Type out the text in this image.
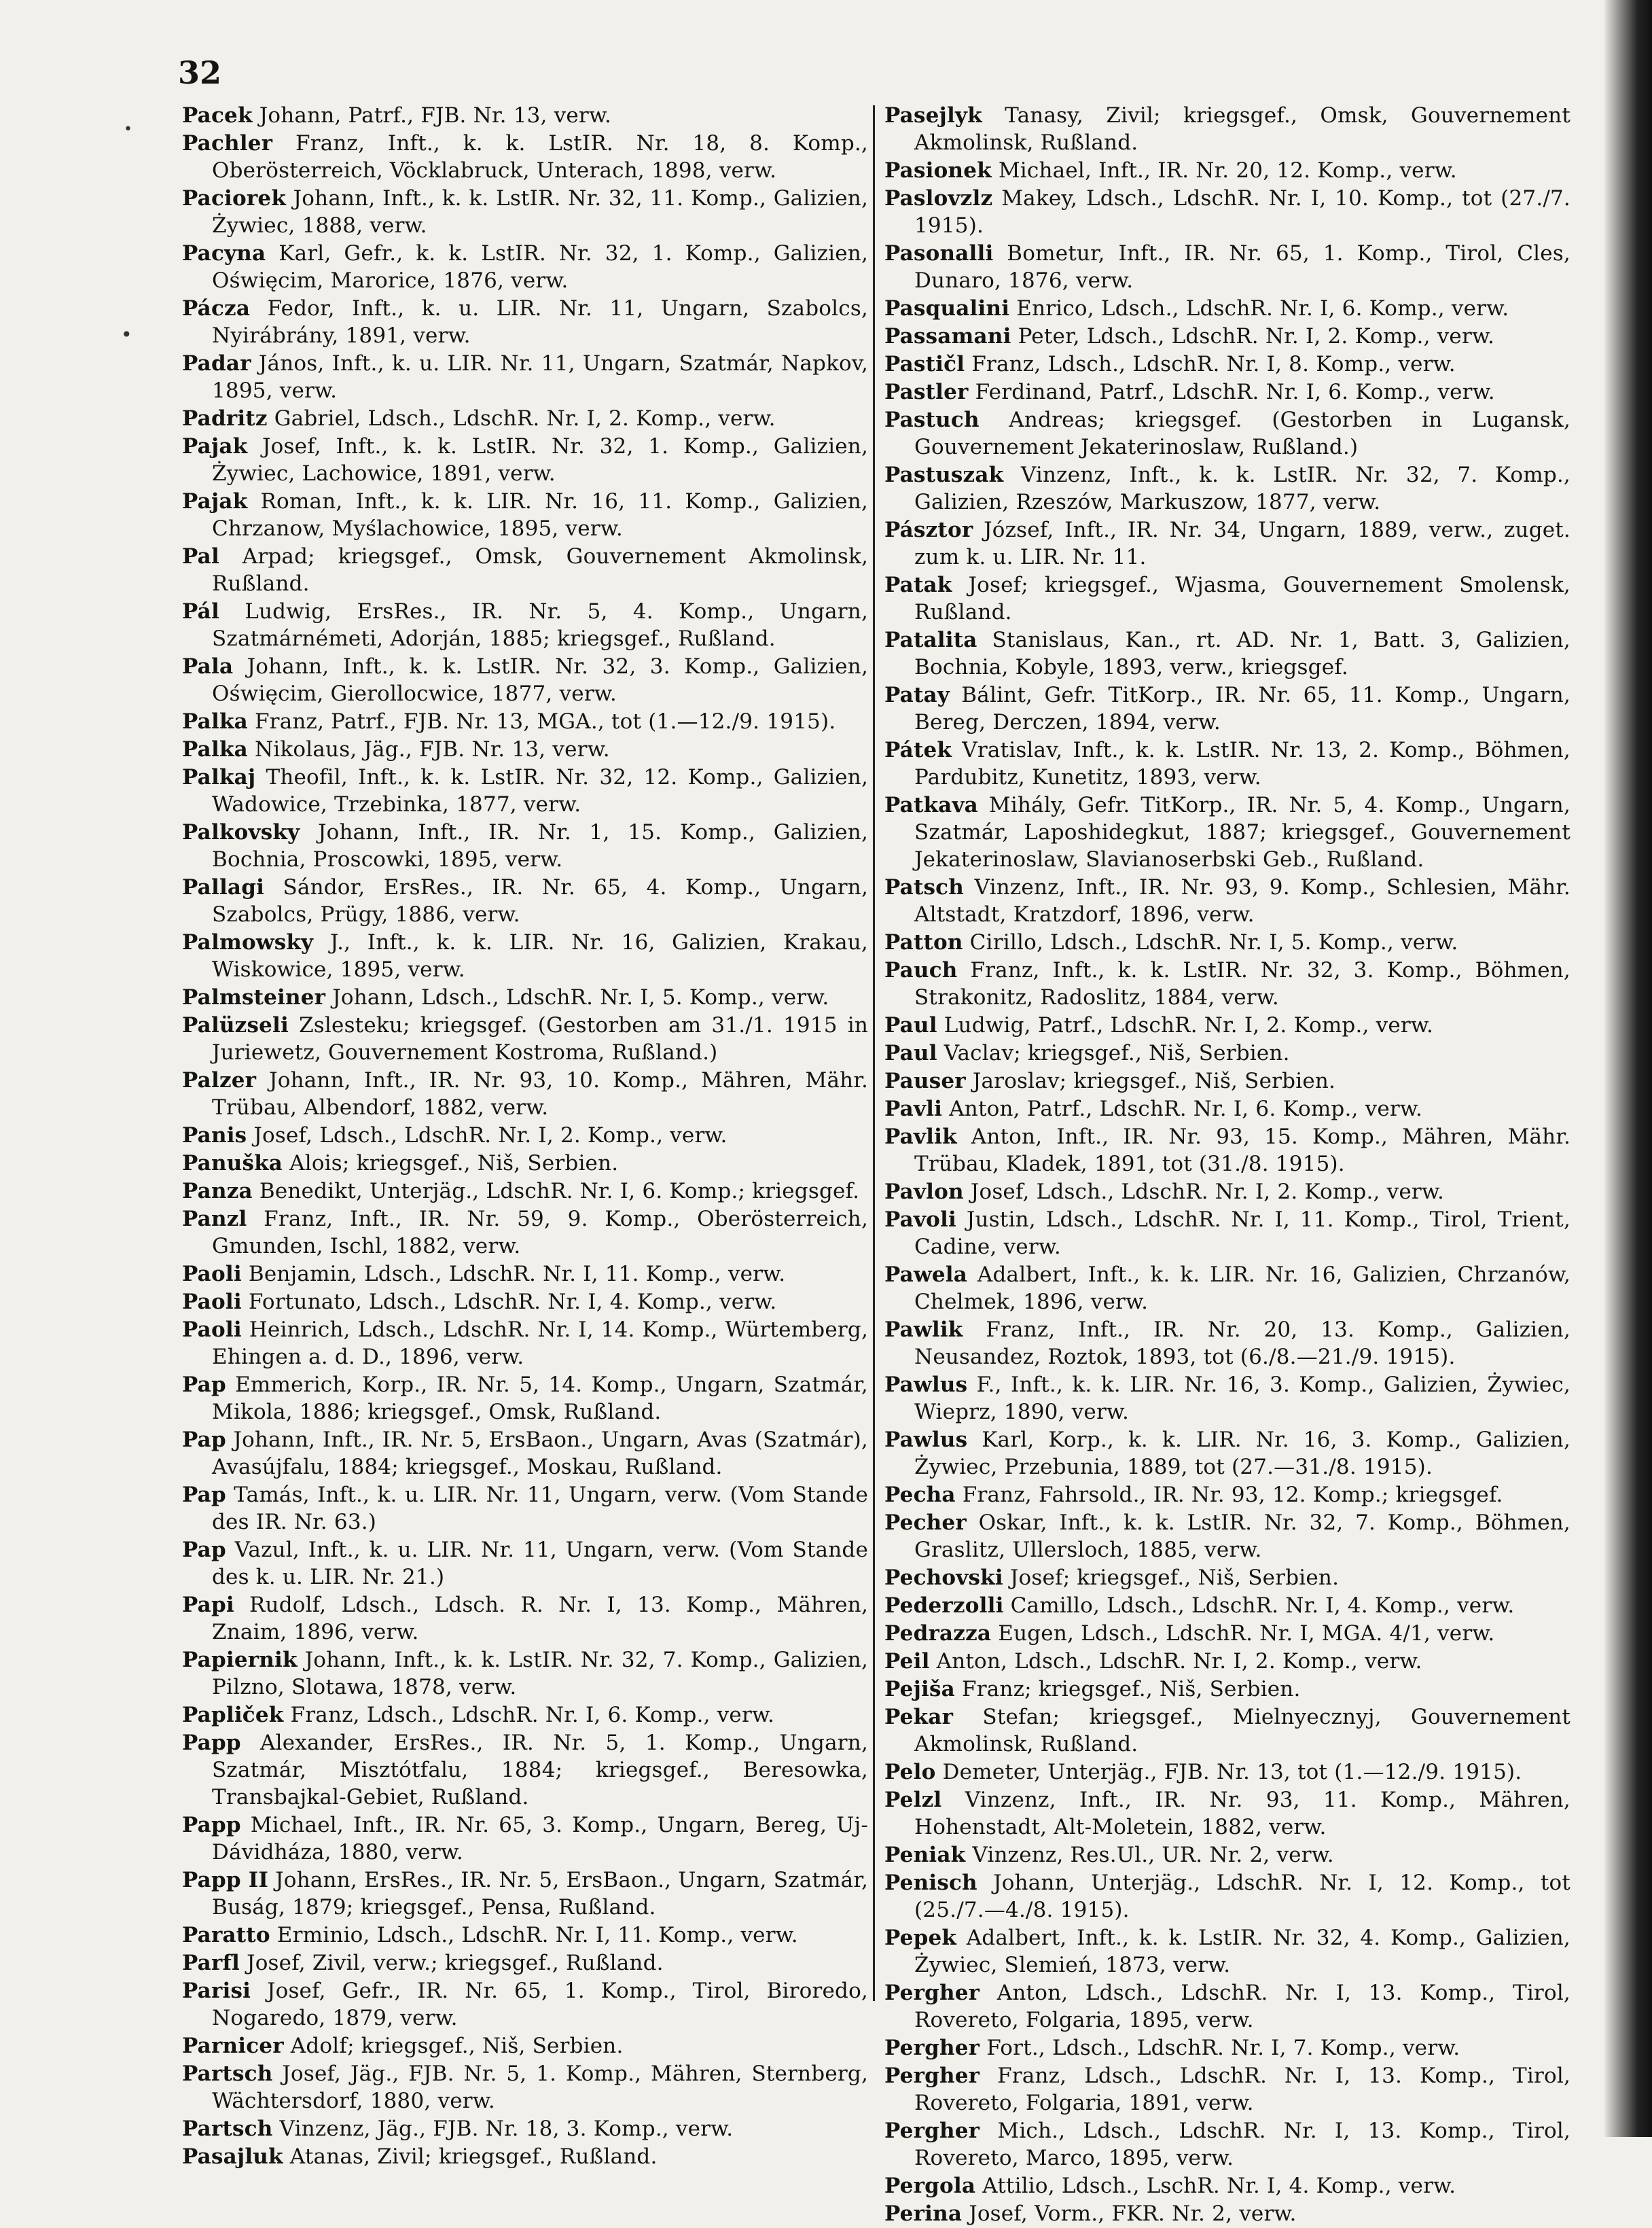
32
•
•
Pacek Johann, Patrf., FJB. Nr. 13, verw.
Pachler Franz, Inft., k. k. LstIR. Nr. 18, 8. Komp., Oberösterreich, Vöcklabruck, Unterach, 1898, verw.
Paciorek Johann, Inft., k. k. LstIR. Nr. 32, 11. Komp., Galizien, Żywiec, 1888, verw.
Pacyna Karl, Gefr., k. k. LstIR. Nr. 32, 1. Komp., Galizien, Oświęcim, Marorice, 1876, verw.
Pácza Fedor, Inft., k. u. LIR. Nr. 11, Ungarn, Szabolcs, Nyirábrány, 1891, verw.
Padar János, Inft., k. u. LIR. Nr. 11, Ungarn, Szatmár, Napkov, 1895, verw.
Padritz Gabriel, Ldsch., LdschR. Nr. I, 2. Komp., verw.
Pajak Josef, Inft., k. k. LstIR. Nr. 32, 1. Komp., Galizien, Żywiec, Lachowice, 1891, verw.
Pajak Roman, Inft., k. k. LIR. Nr. 16, 11. Komp., Galizien, Chrzanow, Myślachowice, 1895, verw.
Pal Arpad; kriegsgef., Omsk, Gouvernement Akmolinsk, Rußland.
Pál Ludwig, ErsRes., IR. Nr. 5, 4. Komp., Ungarn, Szatmárnémeti, Adorján, 1885; kriegsgef., Rußland.
Pala Johann, Inft., k. k. LstIR. Nr. 32, 3. Komp., Galizien, Oświęcim, Gierollocwice, 1877, verw.
Palka Franz, Patrf., FJB. Nr. 13, MGA., tot (1.—12./9. 1915).
Palka Nikolaus, Jäg., FJB. Nr. 13, verw.
Palkaj Theofil, Inft., k. k. LstIR. Nr. 32, 12. Komp., Galizien, Wadowice, Trzebinka, 1877, verw.
Palkovsky Johann, Inft., IR. Nr. 1, 15. Komp., Galizien, Bochnia, Proscowki, 1895, verw.
Pallagi Sándor, ErsRes., IR. Nr. 65, 4. Komp., Ungarn, Szabolcs, Prügy, 1886, verw.
Palmowsky J., Inft., k. k. LIR. Nr. 16, Galizien, Krakau, Wiskowice, 1895, verw.
Palmsteiner Johann, Ldsch., LdschR. Nr. I, 5. Komp., verw.
Palüzseli Zslesteku; kriegsgef. (Gestorben am 31./1. 1915 in Juriewetz, Gouvernement Kostroma, Rußland.)
Palzer Johann, Inft., IR. Nr. 93, 10. Komp., Mähren, Mähr. Trübau, Albendorf, 1882, verw.
Panis Josef, Ldsch., LdschR. Nr. I, 2. Komp., verw.
Panuška Alois; kriegsgef., Niš, Serbien.
Panza Benedikt, Unterjäg., LdschR. Nr. I, 6. Komp.; kriegsgef.
Panzl Franz, Inft., IR. Nr. 59, 9. Komp., Oberösterreich, Gmunden, Ischl, 1882, verw.
Paoli Benjamin, Ldsch., LdschR. Nr. I, 11. Komp., verw.
Paoli Fortunato, Ldsch., LdschR. Nr. I, 4. Komp., verw.
Paoli Heinrich, Ldsch., LdschR. Nr. I, 14. Komp., Würtemberg, Ehingen a. d. D., 1896, verw.
Pap Emmerich, Korp., IR. Nr. 5, 14. Komp., Ungarn, Szatmár, Mikola, 1886; kriegsgef., Omsk, Rußland.
Pap Johann, Inft., IR. Nr. 5, ErsBaon., Ungarn, Avas (Szatmár), Avasújfalu, 1884; kriegsgef., Moskau, Rußland.
Pap Tamás, Inft., k. u. LIR. Nr. 11, Ungarn, verw. (Vom Stande des IR. Nr. 63.)
Pap Vazul, Inft., k. u. LIR. Nr. 11, Ungarn, verw. (Vom Stande des k. u. LIR. Nr. 21.)
Papi Rudolf, Ldsch., Ldsch. R. Nr. I, 13. Komp., Mähren, Znaim, 1896, verw.
Papiernik Johann, Inft., k. k. LstIR. Nr. 32, 7. Komp., Galizien, Pilzno, Slotawa, 1878, verw.
Papliček Franz, Ldsch., LdschR. Nr. I, 6. Komp., verw.
Papp Alexander, ErsRes., IR. Nr. 5, 1. Komp., Ungarn, Szatmár, Misztótfalu, 1884; kriegsgef., Beresowka, Transbajkal-Gebiet, Rußland.
Papp Michael, Inft., IR. Nr. 65, 3. Komp., Ungarn, Bereg, Uj-Dávidháza, 1880, verw.
Papp II Johann, ErsRes., IR. Nr. 5, ErsBaon., Ungarn, Szatmár, Buság, 1879; kriegsgef., Pensa, Rußland.
Paratto Erminio, Ldsch., LdschR. Nr. I, 11. Komp., verw.
Parfl Josef, Zivil, verw.; kriegsgef., Rußland.
Parisi Josef, Gefr., IR. Nr. 65, 1. Komp., Tirol, Biroredo, Nogaredo, 1879, verw.
Parnicer Adolf; kriegsgef., Niš, Serbien.
Partsch Josef, Jäg., FJB. Nr. 5, 1. Komp., Mähren, Sternberg, Wächtersdorf, 1880, verw.
Partsch Vinzenz, Jäg., FJB. Nr. 18, 3. Komp., verw.
Pasajluk Atanas, Zivil; kriegsgef., Rußland.
Pasejlyk Tanasy, Zivil; kriegsgef., Omsk, Gouvernement Akmolinsk, Rußland.
Pasionek Michael, Inft., IR. Nr. 20, 12. Komp., verw.
Paslovzlz Makey, Ldsch., LdschR. Nr. I, 10. Komp., tot (27./7. 1915).
Pasonalli Bometur, Inft., IR. Nr. 65, 1. Komp., Tirol, Cles, Dunaro, 1876, verw.
Pasqualini Enrico, Ldsch., LdschR. Nr. I, 6. Komp., verw.
Passamani Peter, Ldsch., LdschR. Nr. I, 2. Komp., verw.
Pastičl Franz, Ldsch., LdschR. Nr. I, 8. Komp., verw.
Pastler Ferdinand, Patrf., LdschR. Nr. I, 6. Komp., verw.
Pastuch Andreas; kriegsgef. (Gestorben in Lugansk, Gouvernement Jekaterinoslaw, Rußland.)
Pastuszak Vinzenz, Inft., k. k. LstIR. Nr. 32, 7. Komp., Galizien, Rzeszów, Markuszow, 1877, verw.
Pásztor József, Inft., IR. Nr. 34, Ungarn, 1889, verw., zuget. zum k. u. LIR. Nr. 11.
Patak Josef; kriegsgef., Wjasma, Gouvernement Smolensk, Rußland.
Patalita Stanislaus, Kan., rt. AD. Nr. 1, Batt. 3, Galizien, Bochnia, Kobyle, 1893, verw., kriegsgef.
Patay Bálint, Gefr. TitKorp., IR. Nr. 65, 11. Komp., Ungarn, Bereg, Derczen, 1894, verw.
Pátek Vratislav, Inft., k. k. LstIR. Nr. 13, 2. Komp., Böhmen, Pardubitz, Kunetitz, 1893, verw.
Patkava Mihály, Gefr. TitKorp., IR. Nr. 5, 4. Komp., Ungarn, Szatmár, Laposhidegkut, 1887; kriegsgef., Gouvernement Jekaterinoslaw, Slavianoserbski Geb., Rußland.
Patsch Vinzenz, Inft., IR. Nr. 93, 9. Komp., Schlesien, Mähr. Altstadt, Kratzdorf, 1896, verw.
Patton Cirillo, Ldsch., LdschR. Nr. I, 5. Komp., verw.
Pauch Franz, Inft., k. k. LstIR. Nr. 32, 3. Komp., Böhmen, Strakonitz, Radoslitz, 1884, verw.
Paul Ludwig, Patrf., LdschR. Nr. I, 2. Komp., verw.
Paul Vaclav; kriegsgef., Niš, Serbien.
Pauser Jaroslav; kriegsgef., Niš, Serbien.
Pavli Anton, Patrf., LdschR. Nr. I, 6. Komp., verw.
Pavlik Anton, Inft., IR. Nr. 93, 15. Komp., Mähren, Mähr. Trübau, Kladek, 1891, tot (31./8. 1915).
Pavlon Josef, Ldsch., LdschR. Nr. I, 2. Komp., verw.
Pavoli Justin, Ldsch., LdschR. Nr. I, 11. Komp., Tirol, Trient, Cadine, verw.
Pawela Adalbert, Inft., k. k. LIR. Nr. 16, Galizien, Chrzanów, Chelmek, 1896, verw.
Pawlik Franz, Inft., IR. Nr. 20, 13. Komp., Galizien, Neusandez, Roztok, 1893, tot (6./8.—21./9. 1915).
Pawlus F., Inft., k. k. LIR. Nr. 16, 3. Komp., Galizien, Żywiec, Wieprz, 1890, verw.
Pawlus Karl, Korp., k. k. LIR. Nr. 16, 3. Komp., Galizien, Żywiec, Przebunia, 1889, tot (27.—31./8. 1915).
Pecha Franz, Fahrsold., IR. Nr. 93, 12. Komp.; kriegsgef.
Pecher Oskar, Inft., k. k. LstIR. Nr. 32, 7. Komp., Böhmen, Graslitz, Ullersloch, 1885, verw.
Pechovski Josef; kriegsgef., Niš, Serbien.
Pederzolli Camillo, Ldsch., LdschR. Nr. I, 4. Komp., verw.
Pedrazza Eugen, Ldsch., LdschR. Nr. I, MGA. 4/1, verw.
Peil Anton, Ldsch., LdschR. Nr. I, 2. Komp., verw.
Pejiša Franz; kriegsgef., Niš, Serbien.
Pekar Stefan; kriegsgef., Mielnyecznyj, Gouvernement Akmolinsk, Rußland.
Pelo Demeter, Unterjäg., FJB. Nr. 13, tot (1.—12./9. 1915).
Pelzl Vinzenz, Inft., IR. Nr. 93, 11. Komp., Mähren, Hohenstadt, Alt-Moletein, 1882, verw.
Peniak Vinzenz, Res.Ul., UR. Nr. 2, verw.
Penisch Johann, Unterjäg., LdschR. Nr. I, 12. Komp., tot (25./7.—4./8. 1915).
Pepek Adalbert, Inft., k. k. LstIR. Nr. 32, 4. Komp., Galizien, Żywiec, Slemień, 1873, verw.
Pergher Anton, Ldsch., LdschR. Nr. I, 13. Komp., Tirol, Rovereto, Folgaria, 1895, verw.
Pergher Fort., Ldsch., LdschR. Nr. I, 7. Komp., verw.
Pergher Franz, Ldsch., LdschR. Nr. I, 13. Komp., Tirol, Rovereto, Folgaria, 1891, verw.
Pergher Mich., Ldsch., LdschR. Nr. I, 13. Komp., Tirol, Rovereto, Marco, 1895, verw.
Pergola Attilio, Ldsch., LschR. Nr. I, 4. Komp., verw.
Perina Josef, Vorm., FKR. Nr. 2, verw.
